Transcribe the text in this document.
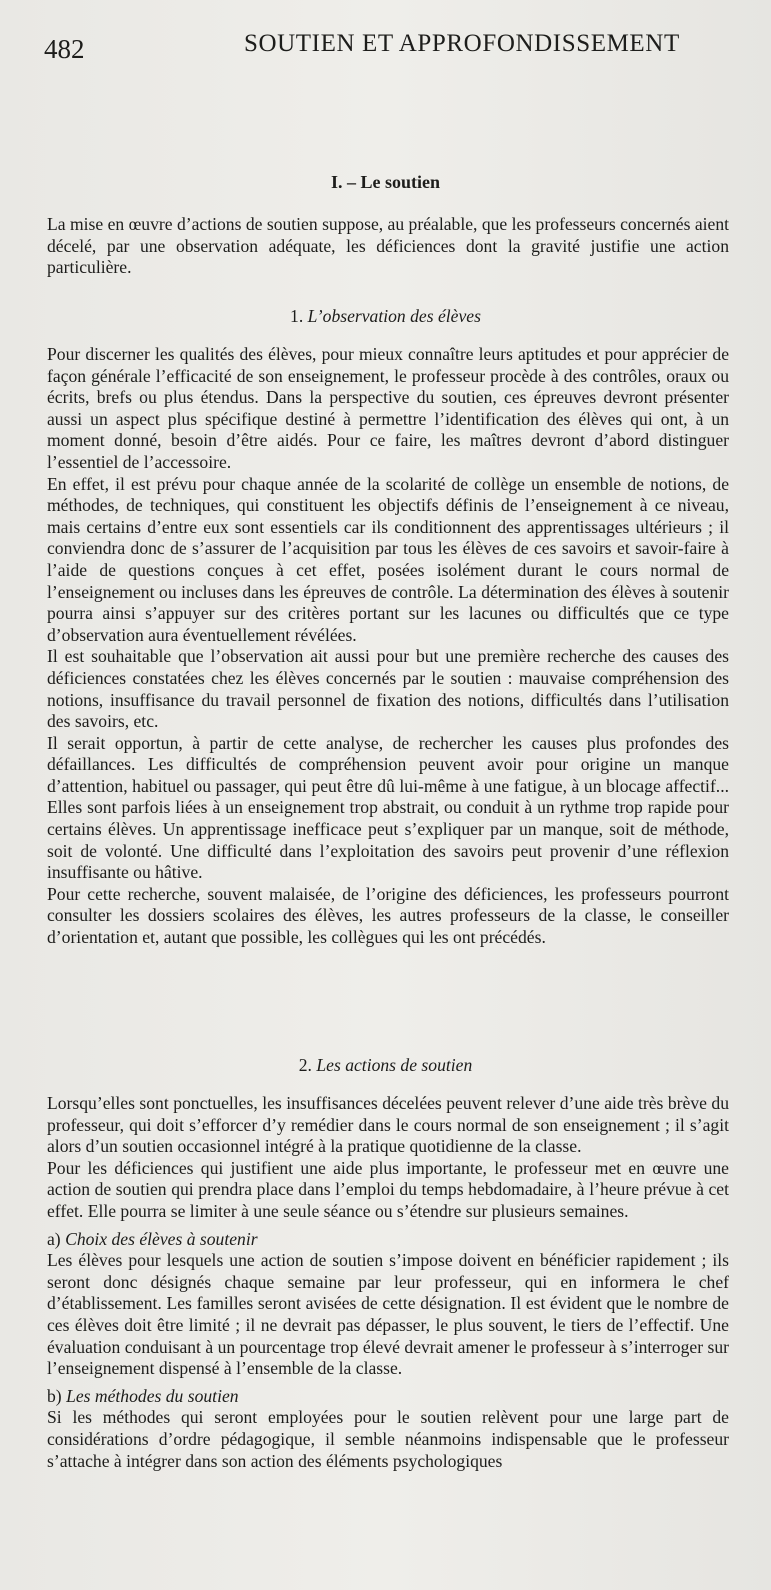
482	SOUTIEN ET APPROFONDISSEMENT
I. – Le soutien

La mise en œuvre d’actions de soutien suppose, au préalable, que les professeurs concernés aient décelé, par une observation adéquate, les déficiences dont la gravité justifie une action particulière.

1. L’observation des élèves

Pour discerner les qualités des élèves, pour mieux connaître leurs aptitudes et pour apprécier de façon générale l’efficacité de son enseignement, le professeur procède à des contrôles, oraux ou écrits, brefs ou plus étendus. Dans la perspective du soutien, ces épreuves devront présenter aussi un aspect plus spécifique destiné à permettre l’identification des élèves qui ont, à un moment donné, besoin d’être aidés. Pour ce faire, les maîtres devront d’abord distinguer l’essentiel de l’accessoire.

En effet, il est prévu pour chaque année de la scolarité de collège un ensemble de notions, de méthodes, de techniques, qui constituent les objectifs définis de l’enseignement à ce niveau, mais certains d’entre eux sont essentiels car ils conditionnent des apprentissages ultérieurs ; il conviendra donc de s’assurer de l’acquisition par tous les élèves de ces savoirs et savoir-faire à l’aide de questions conçues à cet effet, posées isolément durant le cours normal de l’enseignement ou incluses dans les épreuves de contrôle. La détermination des élèves à soutenir pourra ainsi s’appuyer sur des critères portant sur les lacunes ou difficultés que ce type d’observation aura éventuellement révélées.

Il est souhaitable que l’observation ait aussi pour but une première recherche des causes des déficiences constatées chez les élèves concernés par le soutien : mauvaise compréhension des notions, insuffisance du travail personnel de fixation des notions, difficultés dans l’utilisation des savoirs, etc.

Il serait opportun, à partir de cette analyse, de rechercher les causes plus profondes des défaillances. Les difficultés de compréhension peuvent avoir pour origine un manque d’attention, habituel ou passager, qui peut être dû lui-même à une fatigue, à un blocage affectif... Elles sont parfois liées à un enseignement trop abstrait, ou conduit à un rythme trop rapide pour certains élèves. Un apprentissage inefficace peut s’expliquer par un manque, soit de méthode, soit de volonté. Une difficulté dans l’exploitation des savoirs peut provenir d’une réflexion insuffisante ou hâtive.

Pour cette recherche, souvent malaisée, de l’origine des déficiences, les professeurs pourront consulter les dossiers scolaires des élèves, les autres professeurs de la classe, le conseiller d’orientation et, autant que possible, les collègues qui les ont précédés.

2. Les actions de soutien

Lorsqu’elles sont ponctuelles, les insuffisances décelées peuvent relever d’une aide très brève du professeur, qui doit s’efforcer d’y remédier dans le cours normal de son enseignement ; il s’agit alors d’un soutien occasionnel intégré à la pratique quotidienne de la classe.

Pour les déficiences qui justifient une aide plus importante, le professeur met en œuvre une action de soutien qui prendra place dans l’emploi du temps hebdomadaire, à l’heure prévue à cet effet. Elle pourra se limiter à une seule séance ou s’étendre sur plusieurs semaines.

a) Choix des élèves à soutenir

Les élèves pour lesquels une action de soutien s’impose doivent en bénéficier rapidement ; ils seront donc désignés chaque semaine par leur professeur, qui en informera le chef d’établissement. Les familles seront avisées de cette désignation. Il est évident que le nombre de ces élèves doit être limité ; il ne devrait pas dépasser, le plus souvent, le tiers de l’effectif. Une évaluation conduisant à un pourcentage trop élevé devrait amener le professeur à s’interroger sur l’enseignement dispensé à l’ensemble de la classe.

b) Les méthodes du soutien

Si les méthodes qui seront employées pour le soutien relèvent pour une large part de considérations d’ordre pédagogique, il semble néanmoins indispensable que le professeur s’attache à intégrer dans son action des éléments psychologiques
